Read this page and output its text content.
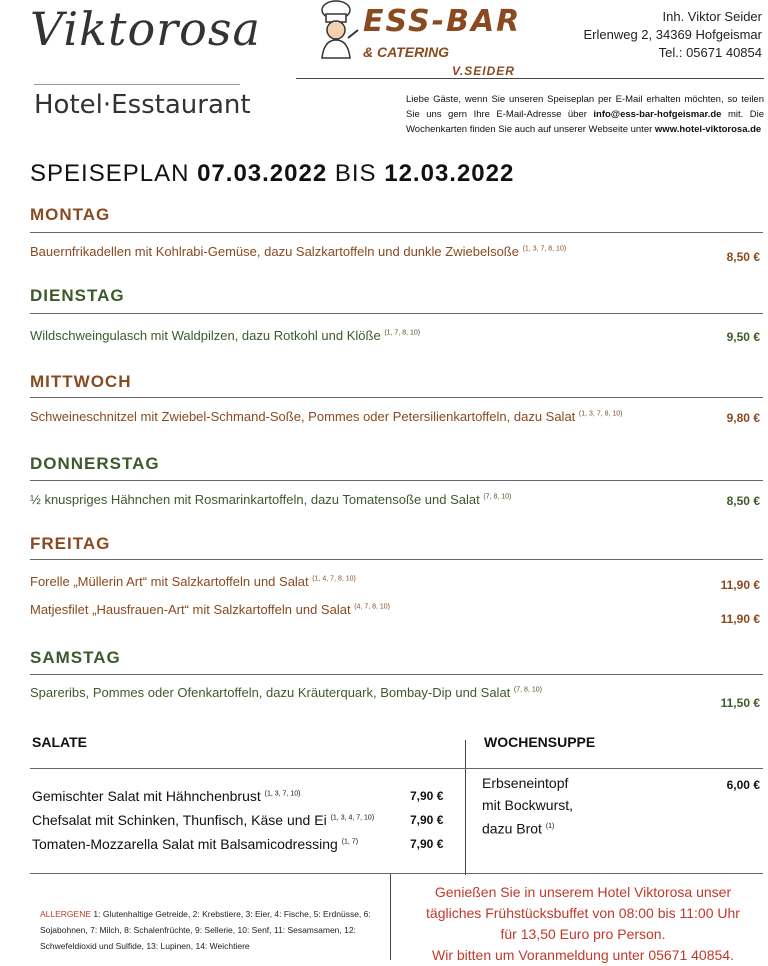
Viktorosa
Hotel·Esstaurant
ESS-BAR
& CATERING
V.SEIDER
Inh. Viktor Seider
Erlenweg 2, 34369 Hofgeismar
Tel.: 05671 40854
Liebe Gäste, wenn Sie unseren Speiseplan per E-Mail erhalten möchten, so teilen Sie uns gern Ihre E-Mail-Adresse über info@ess-bar-hofgeismar.de mit. Die Wochenkarten finden Sie auch auf unserer Webseite unter www.hotel-viktorosa.de
SPEISEPLAN 07.03.2022 BIS 12.03.2022
MONTAG
Bauernfrikadellen mit Kohlrabi-Gemüse, dazu Salzkartoffeln und dunkle Zwiebelsoße $^{(1, 3, 7, 8, 10)}$
8,50 €
DIENSTAG
Wildschweingulasch mit Waldpilzen, dazu Rotkohl und Klöße $^{(1, 7, 8, 10)}$	9,50 €
MITTWOCH
Schweineschnitzel mit Zwiebel-Schmand-Soße, Pommes oder Petersilienkartoffeln, dazu Salat $^{(1, 3, 7, 8, 10)}$	9,80 €
DONNERSTAG
½ knuspriges Hähnchen mit Rosmarinkartoffeln, dazu Tomatensoße und Salat $^{(7, 8, 10)}$	8,50 €
FREITAG
Forelle „Müllerin Art“ mit Salzkartoffeln und Salat $^{(1, 4, 7, 8, 10)}$	11,90 €
Matjesfilet „Hausfrauen-Art“ mit Salzkartoffeln und Salat $^{(4, 7, 8, 10)}$
11,90 €
SAMSTAG
Spareribs, Pommes oder Ofenkartoffeln, dazu Kräuterquark, Bombay-Dip und Salat $^{(7, 8, 10)}$
11,50 €
SALATE	WOCHENSUPPE
Gemischter Salat mit Hähnchenbrust $^{(1, 3, 7, 10)}$	7,90 €
Chefsalat mit Schinken, Thunfisch, Käse und Ei $^{(1, 3, 4, 7, 10)}$	7,90 €
Tomaten-Mozzarella Salat mit Balsamicodressing $^{(1, 7)}$	7,90 €
Erbseneintopf
mit Bockwurst,
dazu Brot $^{(1)}$
6,00 €
ALLERGENE 1: Glutenhaltige Getreide, 2: Krebstiere, 3: Eier, 4: Fische, 5: Erdnüsse, 6: Sojabohnen, 7: Milch, 8: Schalenfrüchte, 9: Sellerie, 10: Senf, 11: Sesamsamen, 12: Schwefeldioxid und Sulfide, 13: Lupinen, 14: Weichtiere
Genießen Sie in unserem Hotel Viktorosa unser
tägliches Frühstücksbuffet von 08:00 bis 11:00 Uhr
für 13,50 Euro pro Person.
Wir bitten um Voranmeldung unter 05671 40854.
